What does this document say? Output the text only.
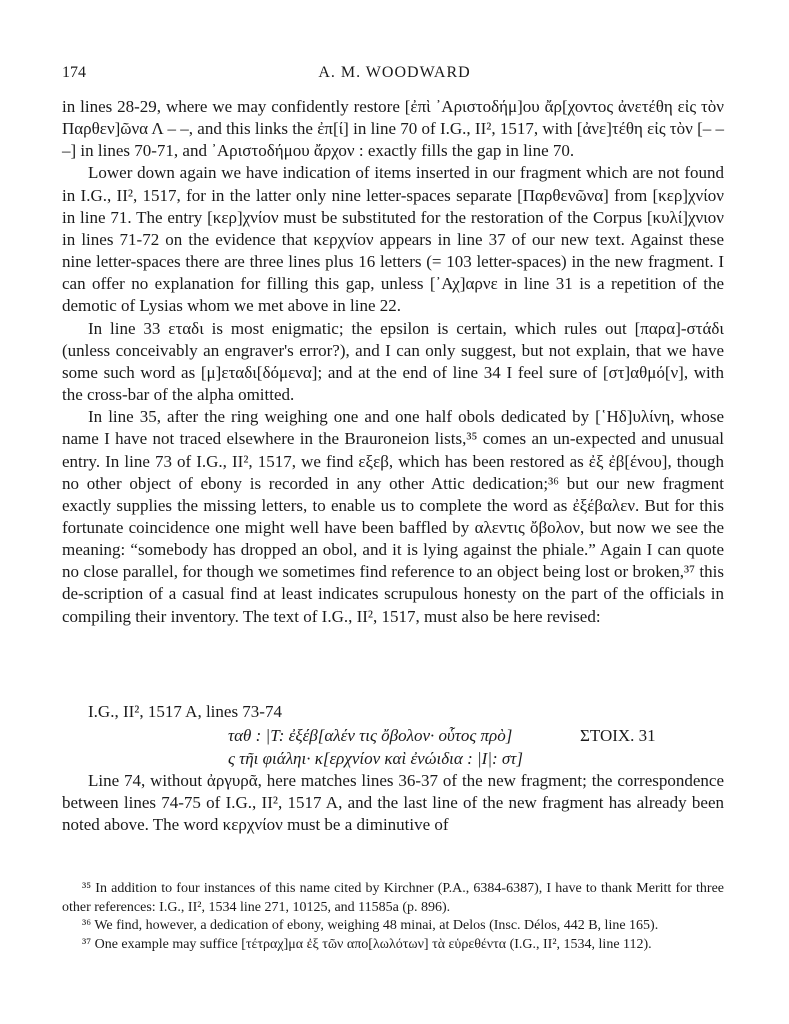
174	A. M. WOODWARD

in lines 28-29, where we may confidently restore [ἐπὶ ᾿Αριστοδήμ]ου ἄρ[χοντος ἀνετέθη εἰς τὸν Παρθεν]ῶνα Λ – –, and this links the ἐπ[ί] in line 70 of I.G., II², 1517, with [ἀνε]τέθη εἰς τὸν [– – –] in lines 70-71, and ᾿Αριστοδήμου ἄρχον : exactly fills the gap in line 70.

Lower down again we have indication of items inserted in our fragment which are not found in I.G., II², 1517, for in the latter only nine letter-spaces separate [Παρθενῶνα] from [κερ]χνίον in line 71. The entry [κερ]χνίον must be substituted for the restoration of the Corpus [κυλί]χνιον in lines 71-72 on the evidence that κερχνίον appears in line 37 of our new text. Against these nine letter-spaces there are three lines plus 16 letters (= 103 letter-spaces) in the new fragment. I can offer no explanation for filling this gap, unless [᾿Αχ]αρνε in line 31 is a repetition of the demotic of Lysias whom we met above in line 22.

In line 33 εταδι is most enigmatic; the epsilon is certain, which rules out [παρα]-στάδι (unless conceivably an engraver's error?), and I can only suggest, but not explain, that we have some such word as [μ]εταδι[δόμενα]; and at the end of line 34 I feel sure of [στ]αθμό[ν], with the cross-bar of the alpha omitted.

In line 35, after the ring weighing one and one half obols dedicated by [῾Ηδ]υλίνη, whose name I have not traced elsewhere in the Brauroneion lists,³⁵ comes an un-expected and unusual entry. In line 73 of I.G., II², 1517, we find εξεβ, which has been restored as ἐξ ἐβ[ένου], though no other object of ebony is recorded in any other Attic dedication;³⁶ but our new fragment exactly supplies the missing letters, to enable us to complete the word as ἐξέβαλεν. But for this fortunate coincidence one might well have been baffled by αλεντις ὄβολον, but now we see the meaning: “somebody has dropped an obol, and it is lying against the phiale.” Again I can quote no close parallel, for though we sometimes find reference to an object being lost or broken,³⁷ this de-scription of a casual find at least indicates scrupulous honesty on the part of the officials in compiling their inventory. The text of I.G., II², 1517, must also be here revised:

I.G., II², 1517 A, lines 73-74
ταθ : |Τ: ἐξέβ[αλέν τις ὄβολον· οὗτος πρὸ]	ΣΤΟΙΧ. 31
ς τῆι φιάληι· κ[ερχνίον καὶ ἐνώιδια : |Ι|: στ]

Line 74, without ἀργυρᾶ, here matches lines 36-37 of the new fragment; the correspondence between lines 74-75 of I.G., II², 1517 A, and the last line of the new fragment has already been noted above. The word κερχνίον must be a diminutive of

³⁵ In addition to four instances of this name cited by Kirchner (P.A., 6384-6387), I have to thank Meritt for three other references: I.G., II², 1534 line 271, 10125, and 11585a (p. 896).

³⁶ We find, however, a dedication of ebony, weighing 48 minai, at Delos (Insc. Délos, 442 B, line 165).

³⁷ One example may suffice [τέτραχ]μα ἐξ τῶν απο[λωλότων] τὰ εὑρεθέντα (I.G., II², 1534, line 112).
